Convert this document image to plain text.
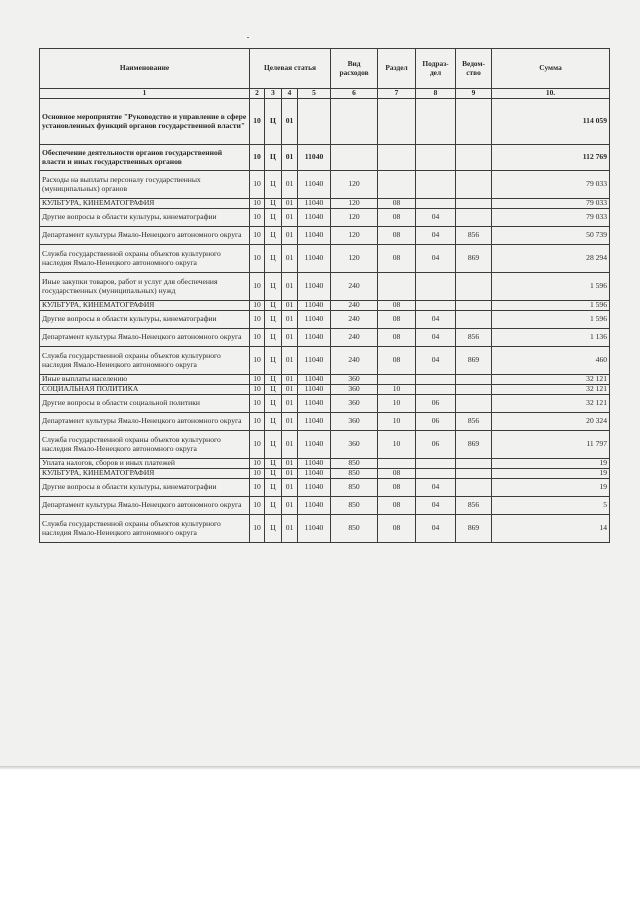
Наименование	Целевая статья				Вид расходов	Раздел	Подраз- дел	Ведом- ство	Сумма
1	2	3	4	5	6	7	8	9	10.
Основное мероприятие "Руководство и управление в сфере установленных функций органов государственной власти"	10	Ц	01						114 059
Обеспечение деятельности органов государственной власти и иных государственных органов	10	Ц	01	11040					112 769
Расходы на выплаты персоналу государственных (муниципальных) органов	10	Ц	01	11040	120				79 033
КУЛЬТУРА, КИНЕМАТОГРАФИЯ	10	Ц	01	11040	120	08			79 033
Другие вопросы в области культуры, кинематографии	10	Ц	01	11040	120	08	04		79 033
Департамент культуры Ямало-Ненецкого автономного округа	10	Ц	01	11040	120	08	04	856	50 739
Служба государственной охраны объектов культурного наследия Ямало-Ненецкого автономного округа	10	Ц	01	11040	120	08	04	869	28 294
Иные закупки товаров, работ и услуг для обеспечения государственных (муниципальных) нужд	10	Ц	01	11040	240				1 596
КУЛЬТУРА, КИНЕМАТОГРАФИЯ	10	Ц	01	11040	240	08			1 596
Другие вопросы в области культуры, кинематографии	10	Ц	01	11040	240	08	04		1 596
Департамент культуры Ямало-Ненецкого автономного округа	10	Ц	01	11040	240	08	04	856	1 136
Служба государственной охраны объектов культурного наследия Ямало-Ненецкого автономного округа	10	Ц	01	11040	240	08	04	869	460
Иные выплаты населению	10	Ц	01	11040	360				32 121
СОЦИАЛЬНАЯ ПОЛИТИКА	10	Ц	01	11040	360	10			32 121
Другие вопросы в области социальной политики	10	Ц	01	11040	360	10	06		32 121
Департамент культуры Ямало-Ненецкого автономного округа	10	Ц	01	11040	360	10	06	856	20 324
Служба государственной охраны объектов культурного наследия Ямало-Ненецкого автономного округа	10	Ц	01	11040	360	10	06	869	11 797
Уплата налогов, сборов и иных платежей	10	Ц	01	11040	850				19
КУЛЬТУРА, КИНЕМАТОГРАФИЯ	10	Ц	01	11040	850	08			19
Другие вопросы в области культуры, кинематографии	10	Ц	01	11040	850	08	04		19
Департамент культуры Ямало-Ненецкого автономного округа	10	Ц	01	11040	850	08	04	856	5
Служба государственной охраны объектов культурного наследия Ямало-Ненецкого автономного округа	10	Ц	01	11040	850	08	04	869	14
